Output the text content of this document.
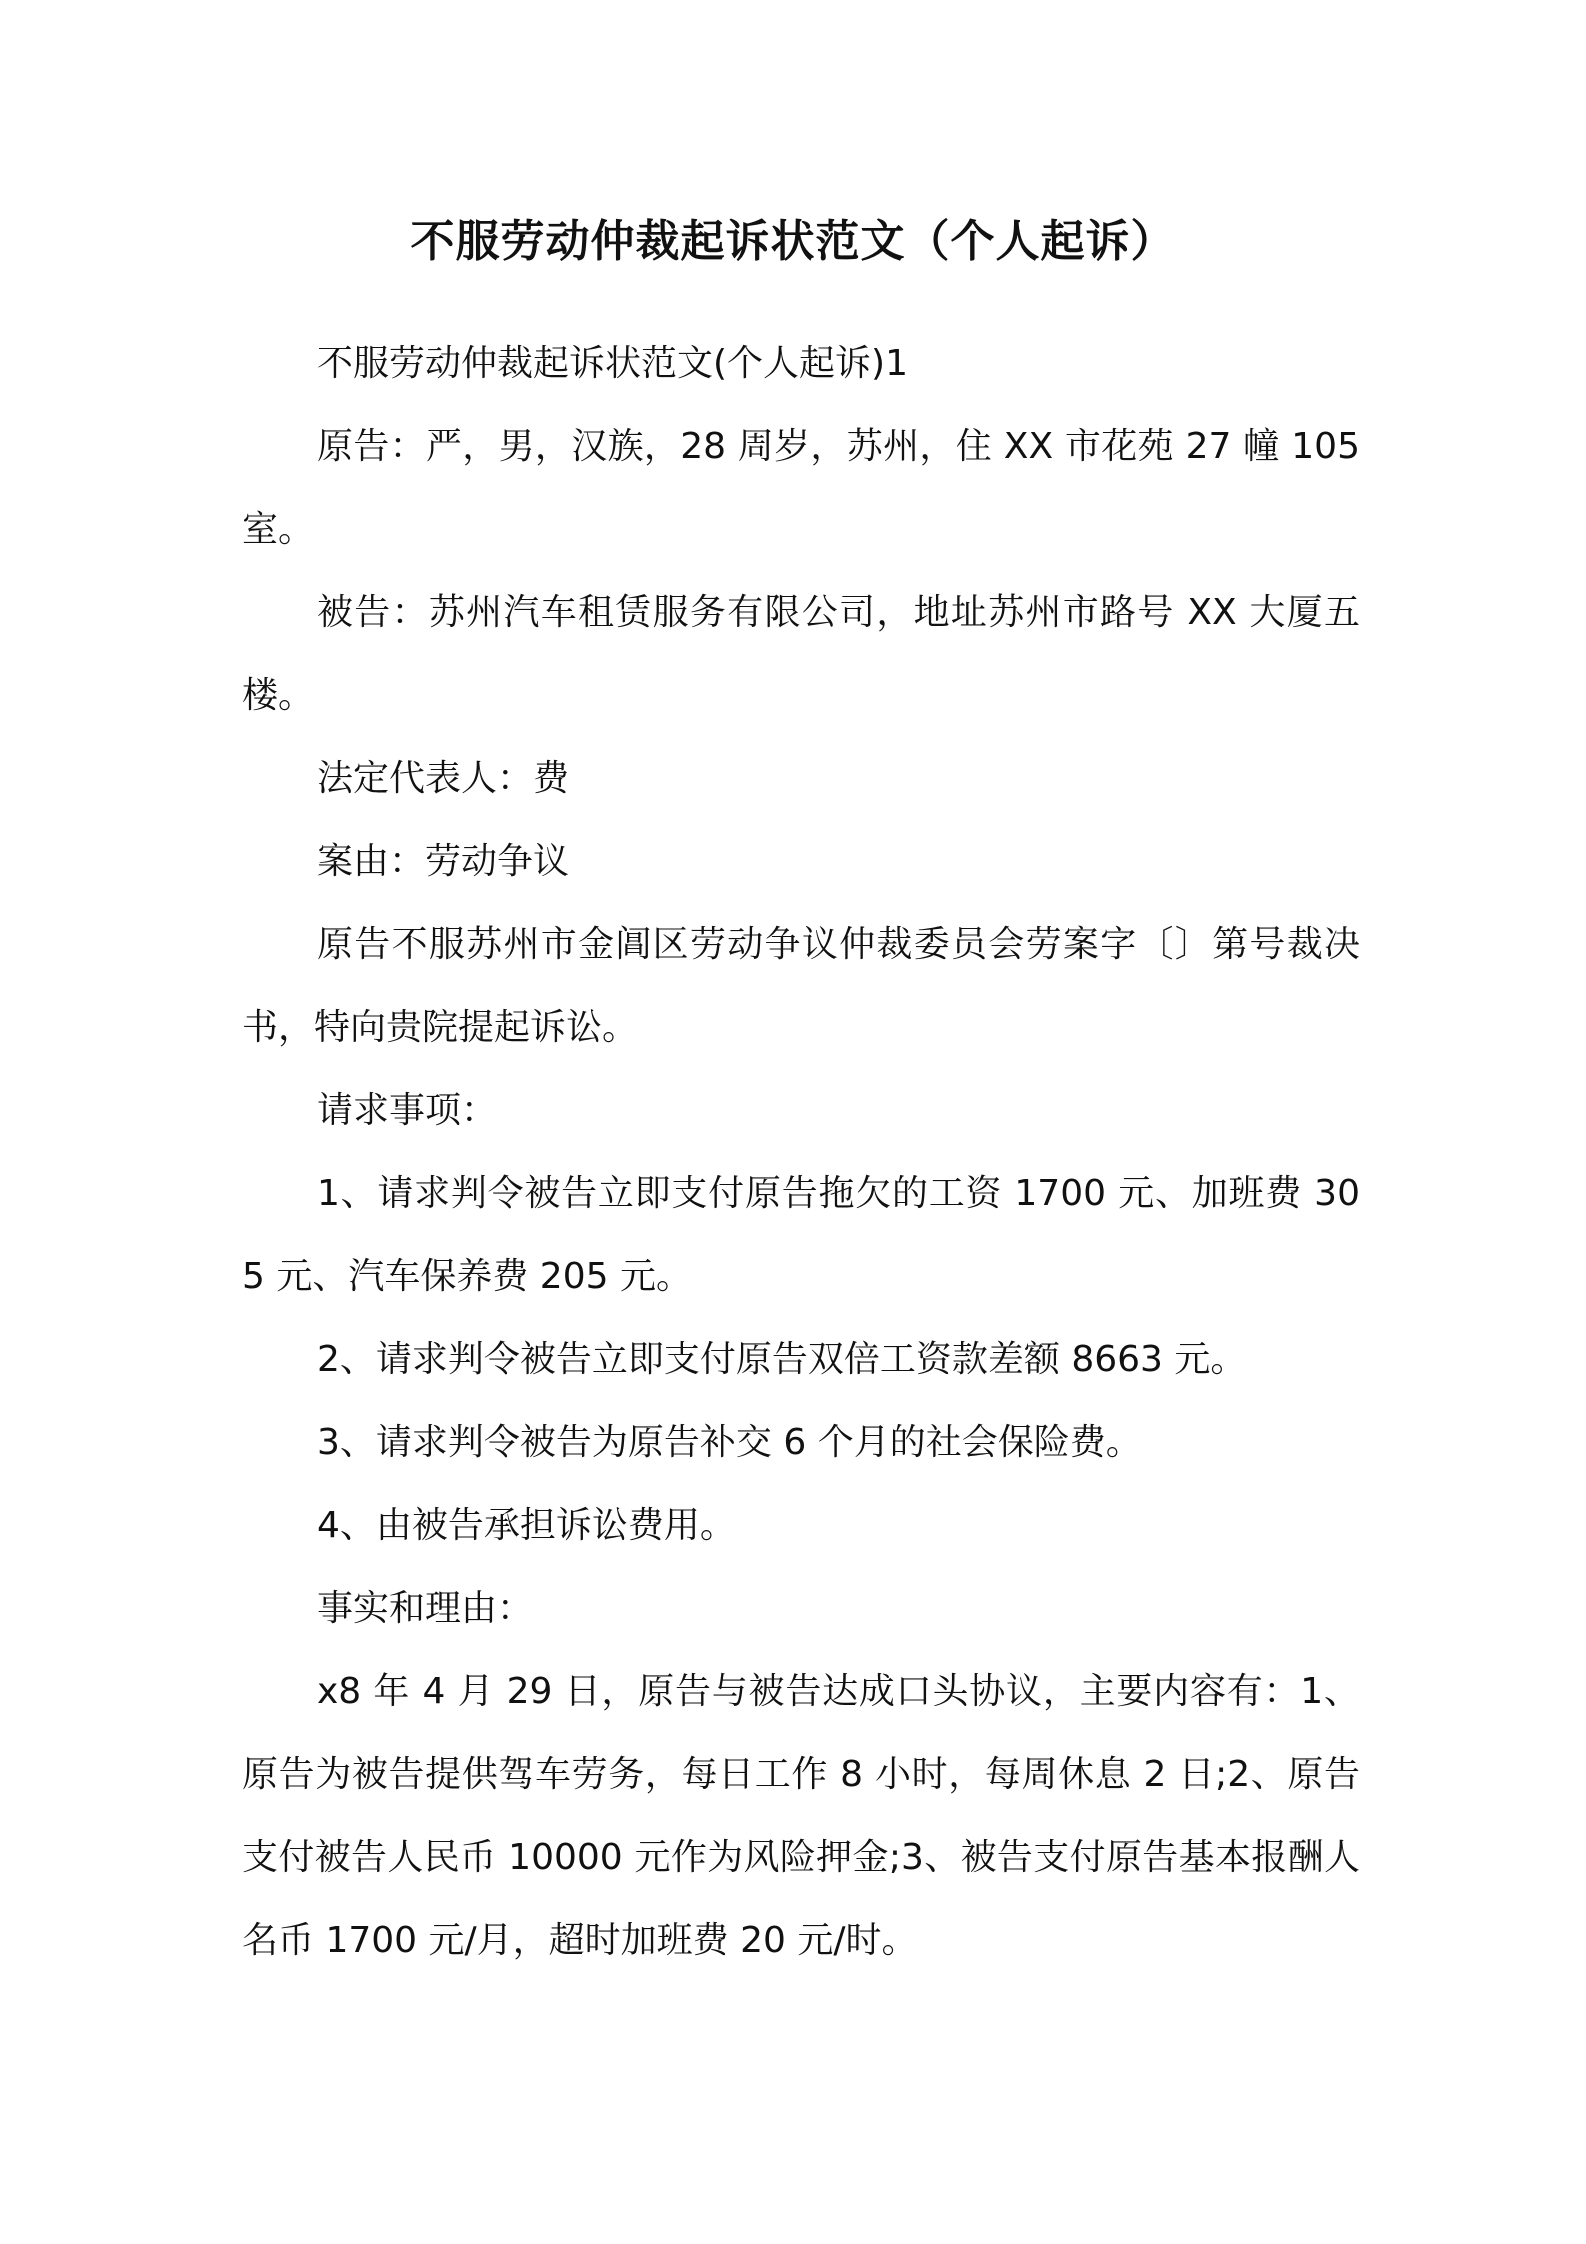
不服劳动仲裁起诉状范文（个人起诉）

不服劳动仲裁起诉状范文(个人起诉)1

原告：严，男，汉族，28 周岁，苏州，住 XX 市花苑 27 幢 105 室。

被告：苏州汽车租赁服务有限公司，地址苏州市路号 XX 大厦五楼。

法定代表人：费

案由：劳动争议

原告不服苏州市金阊区劳动争议仲裁委员会劳案字〔〕第号裁决书，特向贵院提起诉讼。

请求事项：

1、请求判令被告立即支付原告拖欠的工资 1700 元、加班费 305 元、汽车保养费 205 元。

2、请求判令被告立即支付原告双倍工资款差额 8663 元。

3、请求判令被告为原告补交 6 个月的社会保险费。

4、由被告承担诉讼费用。

事实和理由：

x8 年 4 月 29 日，原告与被告达成口头协议，主要内容有：1、原告为被告提供驾车劳务，每日工作 8 小时，每周休息 2 日;2、原告支付被告人民币 10000 元作为风险押金;3、被告支付原告基本报酬人名币 1700 元/月，超时加班费 20 元/时。
